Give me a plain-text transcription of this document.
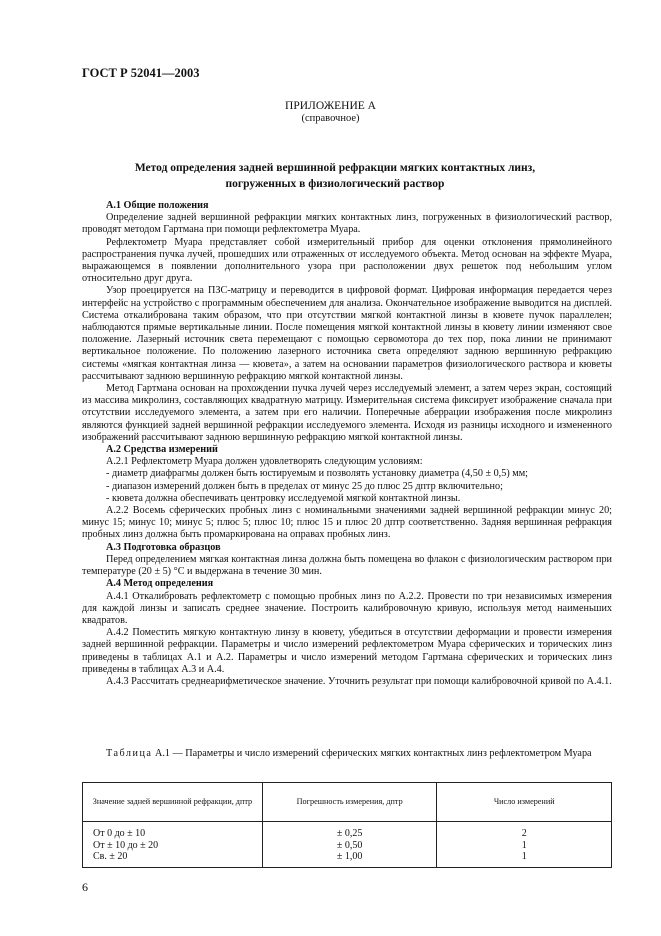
ГОСТ Р 52041—2003
ПРИЛОЖЕНИЕ А
(справочное)
Метод определения задней вершинной рефракции мягких контактных линз,
погруженных в физиологический раствор
А.1 Общие положения

Определение задней вершинной рефракции мягких контактных линз, погруженных в физиологический раствор, проводят методом Гартмана при помощи рефлектометра Муара.

Рефлектометр Муара представляет собой измерительный прибор для оценки отклонения прямолинейного распространения пучка лучей, прошедших или отраженных от исследуемого объекта. Метод основан на эффекте Муара, выражающемся в появлении дополнительного узора при расположении двух решеток под небольшим углом относительно друг друга.

Узор проецируется на ПЗС-матрицу и переводится в цифровой формат. Цифровая информация передается через интерфейс на устройство с программным обеспечением для анализа. Окончательное изображение выводится на дисплей. Система откалиброванa таким образом, что при отсутствии мягкой контактной линзы в кювете пучок параллелен; наблюдаются прямые вертикальные линии. После помещения мягкой контактной линзы в кювету линии изменяют свое положение. Лазерный источник света перемещают с помощью сервомотора до тех пор, пока линии не принимают вертикальное положение. По положению лазерного источника света определяют заднюю вершинную рефракцию системы «мягкая контактная линза — кювета», а затем на основании параметров физиологического раствора и кюветы рассчитывают заднюю вершинную рефракцию мягкой контактной линзы.

Метод Гартмана основан на прохождении пучка лучей через исследуемый элемент, а затем через экран, состоящий из массива микролинз, составляющих квадратную матрицу. Измерительная система фиксирует изображение сначала при отсутствии исследуемого элемента, а затем при его наличии. Поперечные аберрации изображения после микролинз являются функцией задней вершинной рефракции исследуемого элемента. Исходя из разницы исходного и измененного изображений рассчитывают заднюю вершинную рефракцию мягкой контактной линзы.

А.2 Средства измерений

А.2.1 Рефлектометр Муара должен удовлетворять следующим условиям:

- диаметр диафрагмы должен быть юстируемым и позволять установку диаметра (4,50 ± 0,5) мм;

- диапазон измерений должен быть в пределах от минус 25 до плюс 25 дптр включительно;

- кювета должна обеспечивать центровку исследуемой мягкой контактной линзы.

А.2.2 Восемь сферических пробных линз с номинальными значениями задней вершинной рефракции минус 20; минус 15; минус 10; минус 5; плюс 5; плюс 10; плюс 15 и плюс 20 дптр соответственно. Задняя вершинная рефракция пробных линз должна быть промаркирована на оправах пробных линз.

А.3 Подготовка образцов

Перед определением мягкая контактная линза должна быть помещена во флакон с физиологическим раствором при температуре (20 ± 5) °С и выдержана в течение 30 мин.

А.4 Метод определения

А.4.1 Откалибровать рефлектометр с помощью пробных линз по А.2.2. Провести по три независимых измерения для каждой линзы и записать среднее значение. Построить калибровочную кривую, используя метод наименьших квадратов.

А.4.2 Поместить мягкую контактную линзу в кювету, убедиться в отсутствии деформации и провести измерения задней вершинной рефракции. Параметры и число измерений рефлектометром Муара сферических и торических линз приведены в таблицах А.1 и А.2. Параметры и число измерений методом Гартмана сферических и торических линз приведены в таблицах А.3 и А.4.

А.4.3 Рассчитать среднеарифметическое значение. Уточнить результат при помощи калибровочной кривой по А.4.1.

Таблица А.1 — Параметры и число измерений сферических мягких контактных линз рефлектометром Муара
Значение задней вершинной рефракции, дптр	Погрешность измерения, дптр	Число измерений
От 0 до ± 10	± 0,25	2
От ± 10 до ± 20	± 0,50	1
Св. ± 20	± 1,00	1
6
